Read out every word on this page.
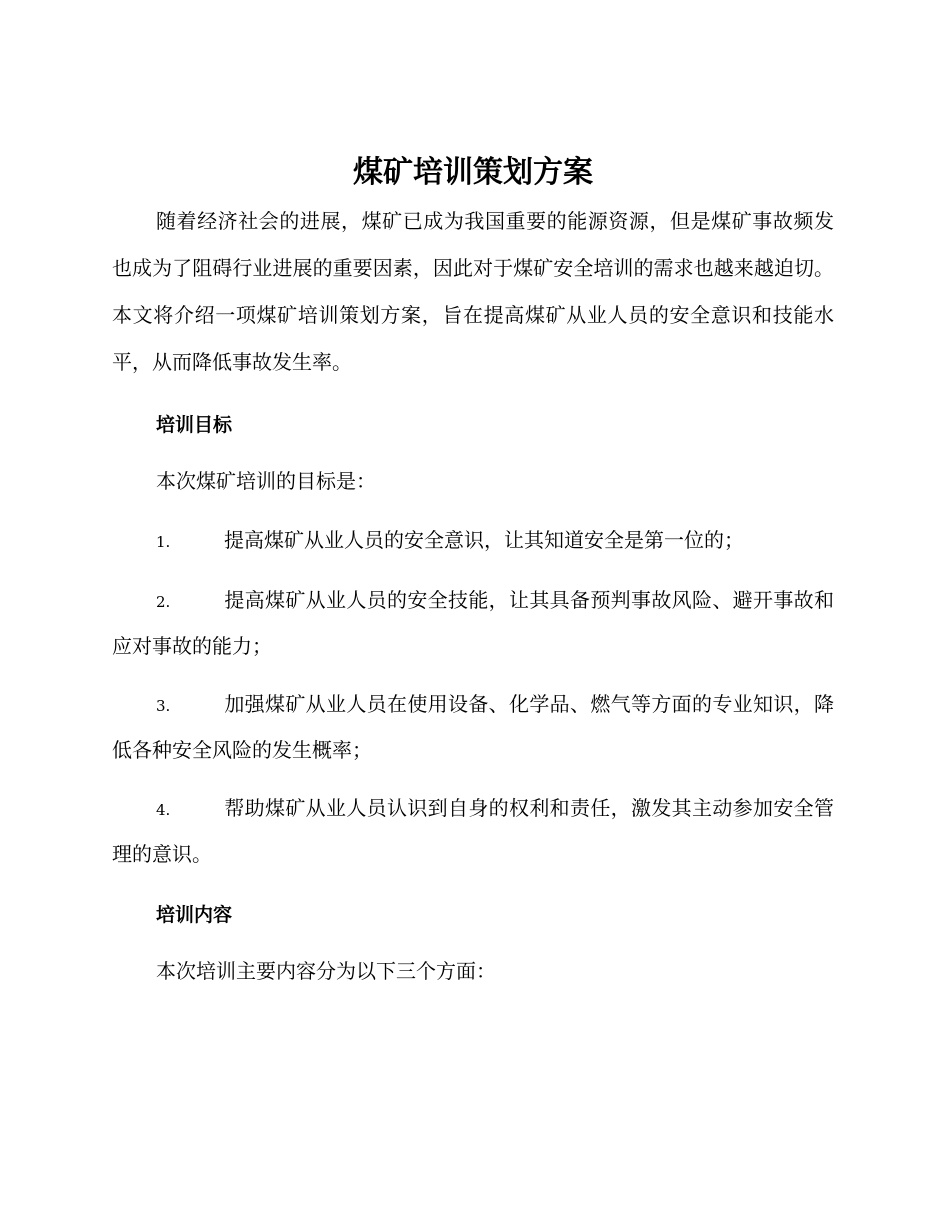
煤矿培训策划方案

随着经济社会的进展，煤矿已成为我国重要的能源资源，但是煤矿事故频发也成为了阻碍行业进展的重要因素，因此对于煤矿安全培训的需求也越来越迫切。本文将介绍一项煤矿培训策划方案，旨在提高煤矿从业人员的安全意识和技能水平，从而降低事故发生率。

培训目标
本次煤矿培训的目标是：

1.	提高煤矿从业人员的安全意识，让其知道安全是第一位的；

2.	提高煤矿从业人员的安全技能，让其具备预判事故风险、避开事故和应对事故的能力；

3.	加强煤矿从业人员在使用设备、化学品、燃气等方面的专业知识，降低各种安全风险的发生概率；

4.	帮助煤矿从业人员认识到自身的权利和责任，激发其主动参加安全管理的意识。

培训内容
本次培训主要内容分为以下三个方面：
